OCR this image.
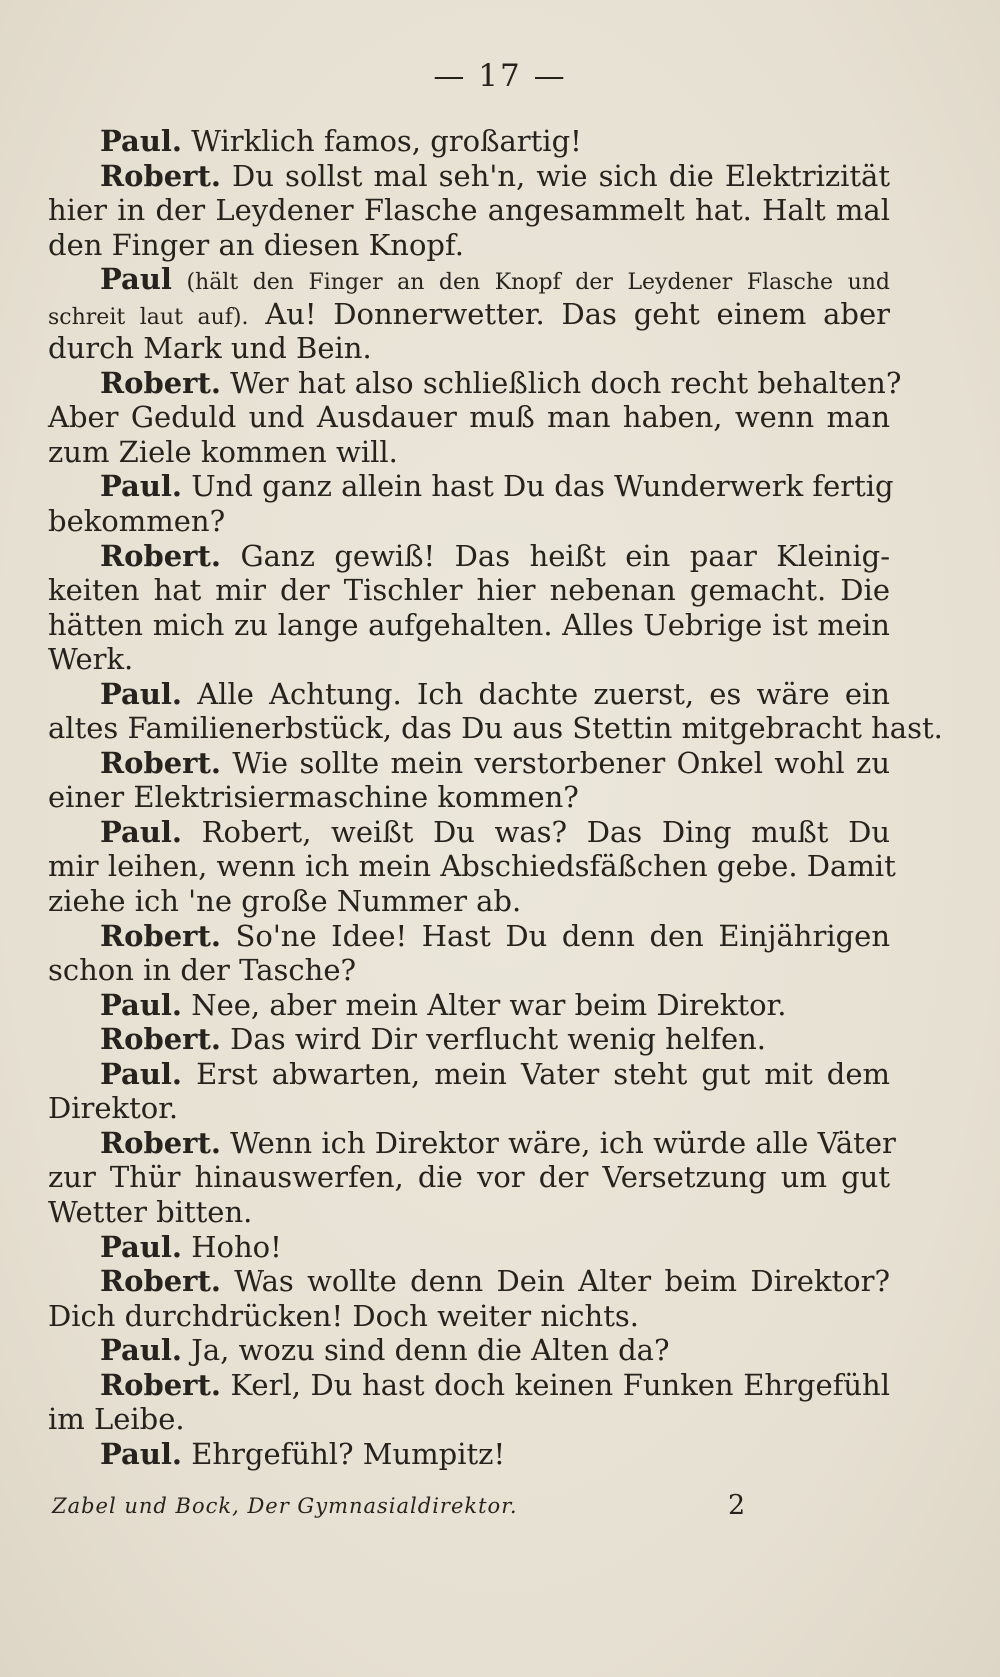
— 17 —
Paul. Wirklich famos, großartig!
Robert. Du sollst mal seh'n, wie sich die Elektrizität
hier in der Leydener Flasche angesammelt hat. Halt mal
den Finger an diesen Knopf.
Paul (hält den Finger an den Knopf der Leydener Flasche und
schreit laut auf). Au! Donnerwetter. Das geht einem aber
durch Mark und Bein.
Robert. Wer hat also schließlich doch recht behalten?
Aber Geduld und Ausdauer muß man haben, wenn man
zum Ziele kommen will.
Paul. Und ganz allein hast Du das Wunderwerk fertig
bekommen?
Robert. Ganz gewiß! Das heißt ein paar Kleinig-
keiten hat mir der Tischler hier nebenan gemacht. Die
hätten mich zu lange aufgehalten. Alles Uebrige ist mein
Werk.
Paul. Alle Achtung. Ich dachte zuerst, es wäre ein
altes Familienerbstück, das Du aus Stettin mitgebracht hast.
Robert. Wie sollte mein verstorbener Onkel wohl zu
einer Elektrisiermaschine kommen?
Paul. Robert, weißt Du was? Das Ding mußt Du
mir leihen, wenn ich mein Abschiedsfäßchen gebe. Damit
ziehe ich 'ne große Nummer ab.
Robert. So'ne Idee! Hast Du denn den Einjährigen
schon in der Tasche?
Paul. Nee, aber mein Alter war beim Direktor.
Robert. Das wird Dir verflucht wenig helfen.
Paul. Erst abwarten, mein Vater steht gut mit dem
Direktor.
Robert. Wenn ich Direktor wäre, ich würde alle Väter
zur Thür hinauswerfen, die vor der Versetzung um gut
Wetter bitten.
Paul. Hoho!
Robert. Was wollte denn Dein Alter beim Direktor?
Dich durchdrücken! Doch weiter nichts.
Paul. Ja, wozu sind denn die Alten da?
Robert. Kerl, Du hast doch keinen Funken Ehrgefühl
im Leibe.
Paul. Ehrgefühl? Mumpitz!
Zabel und Bock, Der Gymnasialdirektor.	2
